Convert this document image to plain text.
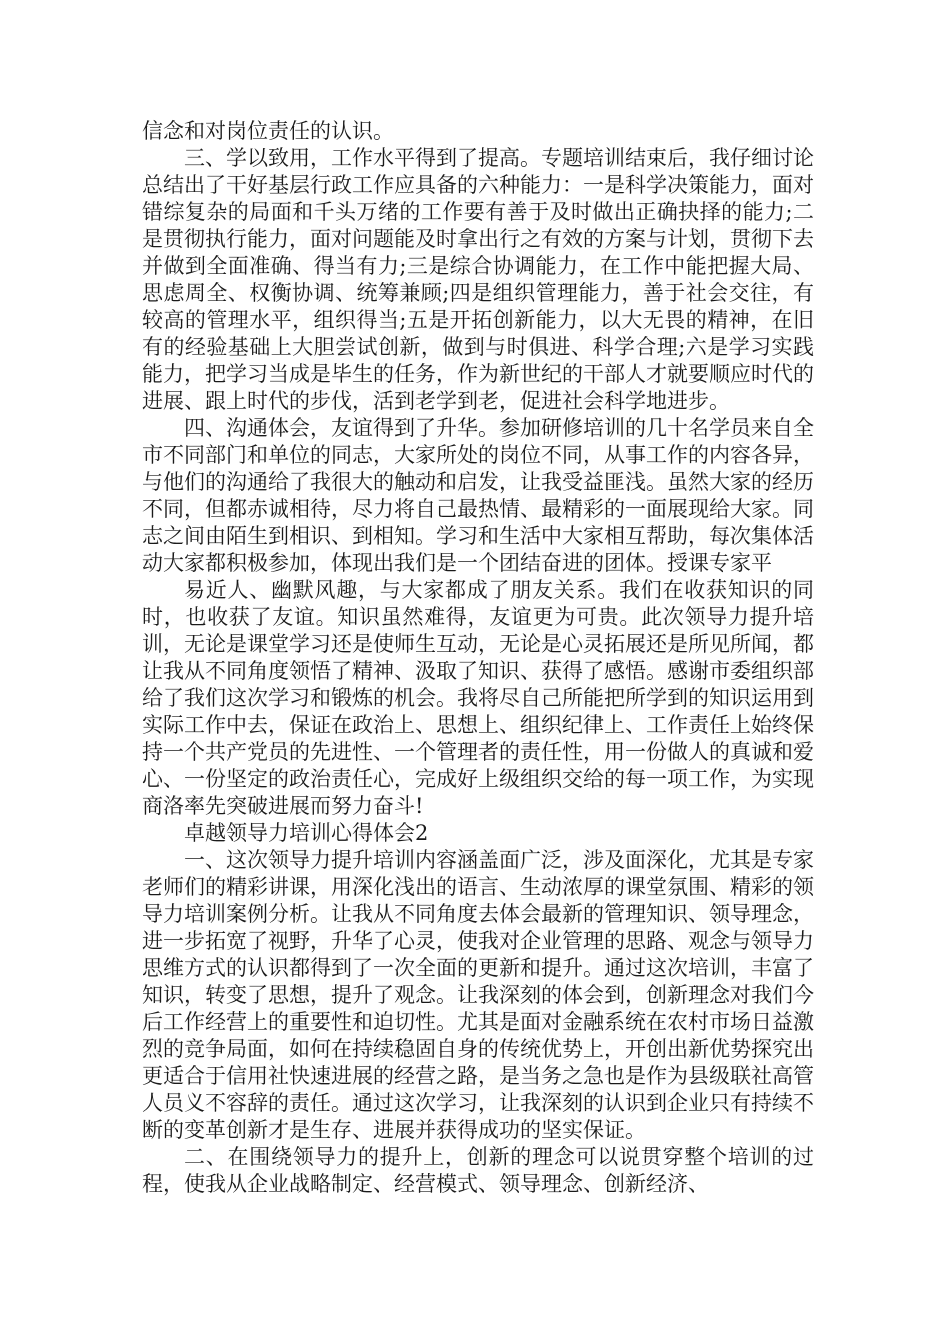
信念和对岗位责任的认识。

三、学以致用，工作水平得到了提高。专题培训结束后，我仔细讨论总结出了干好基层行政工作应具备的六种能力：一是科学决策能力，面对错综复杂的局面和千头万绪的工作要有善于及时做出正确抉择的能力;二是贯彻执行能力，面对问题能及时拿出行之有效的方案与计划，贯彻下去并做到全面准确、得当有力;三是综合协调能力，在工作中能把握大局、思虑周全、权衡协调、统筹兼顾;四是组织管理能力，善于社会交往，有较高的管理水平，组织得当;五是开拓创新能力，以大无畏的精神，在旧有的经验基础上大胆尝试创新，做到与时俱进、科学合理;六是学习实践能力，把学习当成是毕生的任务，作为新世纪的干部人才就要顺应时代的进展、跟上时代的步伐，活到老学到老，促进社会科学地进步。

四、沟通体会，友谊得到了升华。参加研修培训的几十名学员来自全市不同部门和单位的同志，大家所处的岗位不同，从事工作的内容各异，与他们的沟通给了我很大的触动和启发，让我受益匪浅。虽然大家的经历不同，但都赤诚相待，尽力将自己最热情、最精彩的一面展现给大家。同志之间由陌生到相识、到相知。学习和生活中大家相互帮助，每次集体活动大家都积极参加，体现出我们是一个团结奋进的团体。授课专家平

易近人、幽默风趣，与大家都成了朋友关系。我们在收获知识的同时，也收获了友谊。知识虽然难得，友谊更为可贵。此次领导力提升培训，无论是课堂学习还是使师生互动，无论是心灵拓展还是所见所闻，都让我从不同角度领悟了精神、汲取了知识、获得了感悟。感谢市委组织部给了我们这次学习和锻炼的机会。我将尽自己所能把所学到的知识运用到实际工作中去，保证在政治上、思想上、组织纪律上、工作责任上始终保持一个共产党员的先进性、一个管理者的责任性，用一份做人的真诚和爱心、一份坚定的政治责任心，完成好上级组织交给的每一项工作，为实现商洛率先突破进展而努力奋斗!

卓越领导力培训心得体会2

一、这次领导力提升培训内容涵盖面广泛，涉及面深化，尤其是专家老师们的精彩讲课，用深化浅出的语言、生动浓厚的课堂氛围、精彩的领导力培训案例分析。让我从不同角度去体会最新的管理知识、领导理念，进一步拓宽了视野，升华了心灵，使我对企业管理的思路、观念与领导力思维方式的认识都得到了一次全面的更新和提升。通过这次培训，丰富了知识，转变了思想，提升了观念。让我深刻的体会到，创新理念对我们今后工作经营上的重要性和迫切性。尤其是面对金融系统在农村市场日益激烈的竞争局面，如何在持续稳固自身的传统优势上，开创出新优势探究出更适合于信用社快速进展的经营之路，是当务之急也是作为县级联社高管人员义不容辞的责任。通过这次学习，让我深刻的认识到企业只有持续不断的变革创新才是生存、进展并获得成功的坚实保证。

二、在围绕领导力的提升上，创新的理念可以说贯穿整个培训的过程，使我从企业战略制定、经营模式、领导理念、创新经济、
